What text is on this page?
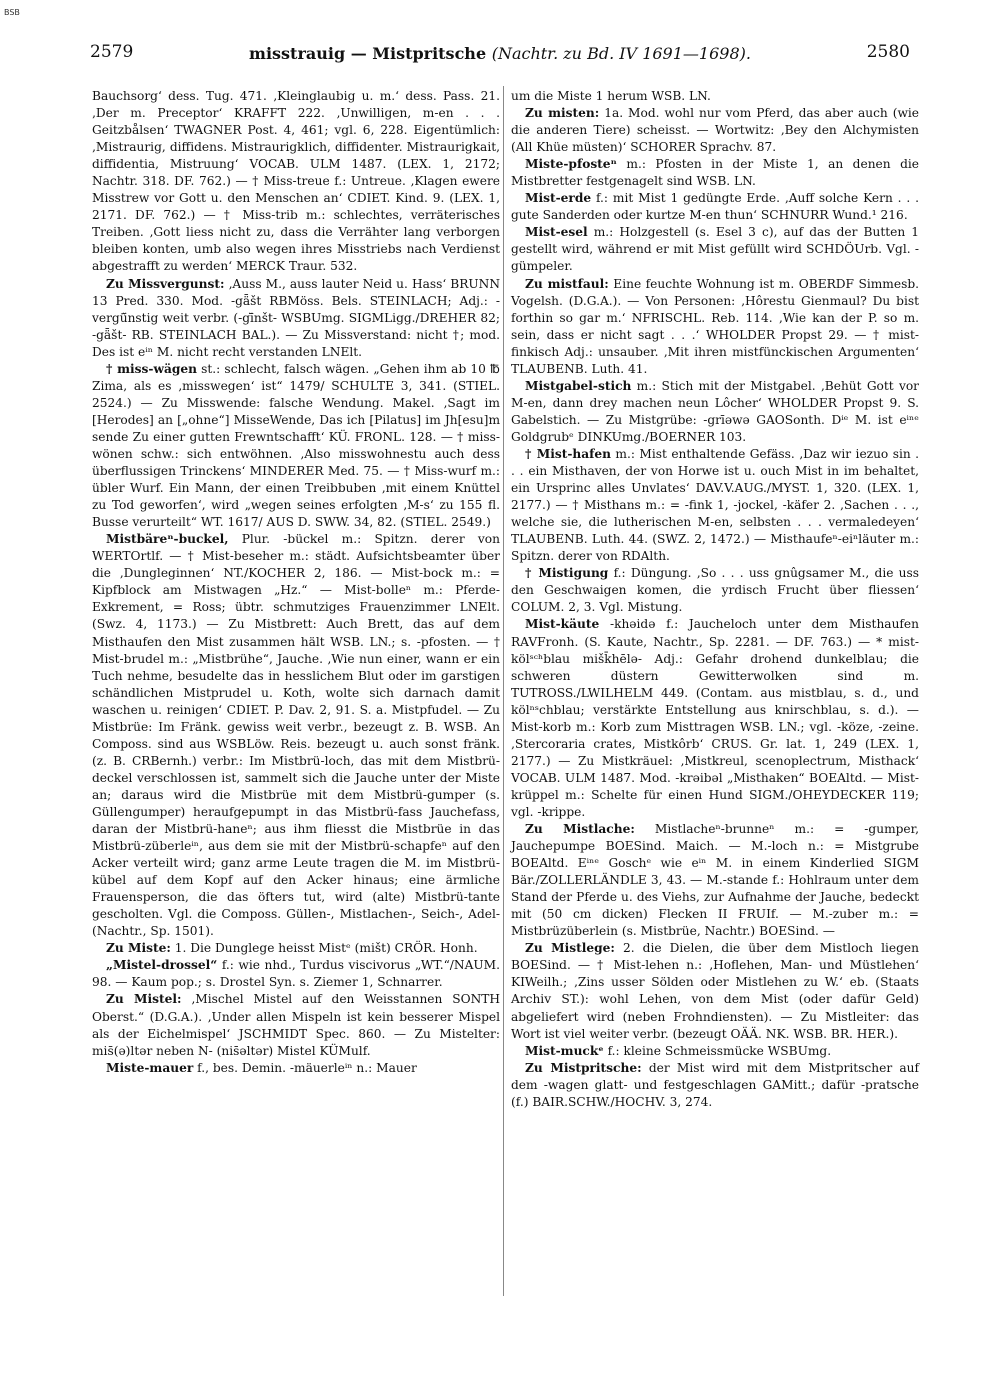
BSB
2579	misstrauig — Mistpritsche (Nachtr. zu Bd. IV 1691—1698).	2580

Bauchsorg‘ dess. Tug. 471. ‚Kleinglaubig u. m.‘ dess. Pass. 21. ‚Der m. Preceptor‘ KRAFFT 222. ‚Unwilligen, m-en . . . Geitzbålsen‘ TWAGNER Post. 4, 461; vgl. 6, 228. Eigentümlich: ‚Mistraurig, diffidens. Mistraurigklich, diffidenter. Mistraurigkait, diffidentia, Mistruung‘ VOCAB. ULM 1487. (LEX. 1, 2172; Nachtr. 318. DF. 762.) — † Miss-treue f.: Untreue. ‚Klagen ewere Misstrew vor Gott u. den Menschen an‘ CDIET. Kind. 9. (LEX. 1, 2171. DF. 762.) — † Miss-trib m.: schlechtes, verräterisches Treiben. ‚Gott liess nicht zu, dass die Verrähter lang verborgen bleiben konten, umb also wegen ihres Misstriebs nach Verdienst abgestrafft zu werden‘ MERCK Traur. 532.

Zu Missvergunst: ‚Auss M., auss lauter Neid u. Hass‘ BRUNN 13 Pred. 330. Mod. -gǟšt RBMöss. Bels. STEINLACH; Adj.: -vergü̈nstig weit verbr. (-gī̈nšt- WSBUmg. SIGMLigg./DREHER 82; -gǟšt- RB. STEINLACH BAL.). — Zu Missverstand: nicht †; mod. Des ist eⁱⁿ M. nicht recht verstanden LNElt.

† miss-wägen st.: schlecht, falsch wägen. „Gehen ihm ab 10 ℔ Zima, als es ‚misswegen‘ ist“ 1479/ SCHULTE 3, 341. (STIEL. 2524.) — Zu Misswende: falsche Wendung. Makel. ‚Sagt im [Herodes] an [„ohne“] MisseWende, Das ich [Pilatus] im Jh[esu]m sende Zu einer gutten Frewntschafft‘ KÜ. FRONL. 128. — † miss-wönen schw.: sich entwöhnen. ‚Also misswohnestu auch dess überflussigen Trinckens‘ MINDERER Med. 75. — † Miss-wurf m.: übler Wurf. Ein Mann, der einen Treibbuben ‚mit einem Knüttel zu Tod geworfen‘, wird „wegen seines erfolgten ‚M-s‘ zu 155 fl. Busse verurteilt“ WT. 1617/ AUS D. SWW. 34, 82. (STIEL. 2549.)

Mistbäreⁿ-buckel, Plur. -bückel m.: Spitzn. derer von WERTOrtlf. — † Mist-beseher m.: städt. Aufsichtsbeamter über die ‚Dungleginnen‘ NT./KOCHER 2, 186. — Mist-bock m.: = Kipfblock am Mistwagen „Hz.“ — Mist-bolleⁿ m.: Pferde-Exkrement, = Ross; übtr. schmutziges Frauenzimmer LNElt. (Swz. 4, 1173.) — Zu Mistbrett: Auch Brett, das auf dem Misthaufen den Mist zusammen hält WSB. LN.; s. -pfosten. — † Mist-brudel m.: „Mistbrühe“, Jauche. ‚Wie nun einer, wann er ein Tuch nehme, besudelte das in hesslichem Blut oder im garstigen schändlichen Mistprudel u. Koth, wolte sich darnach damit waschen u. reinigen‘ CDIET. P. Dav. 2, 91. S. a. Mistpfudel. — Zu Mistbrüe: Im Fränk. gewiss weit verbr., bezeugt z. B. WSB. An Composs. sind aus WSBLöw. Reis. bezeugt u. auch sonst fränk. (z. B. CRBernh.) verbr.: Im Mistbrü-loch, das mit dem Mistbrü-deckel verschlossen ist, sammelt sich die Jauche unter der Miste an; daraus wird die Mistbrüe mit dem Mistbrü-gumper (s. Güllengumper) heraufgepumpt in das Mistbrü-fass Jauchefass, daran der Mistbrü-haneⁿ; aus ihm fliesst die Mistbrüe in das Mistbrü-züberleⁱⁿ, aus dem sie mit der Mistbrü-schapfeⁿ auf den Acker verteilt wird; ganz arme Leute tragen die M. im Mistbrü-kübel auf dem Kopf auf den Acker hinaus; eine ärmliche Frauensperson, die das öfters tut, wird (alte) Mistbrü-tante gescholten. Vgl. die Composs. Güllen-, Mistlachen-, Seich-, Adel- (Nachtr., Sp. 1501).

Zu Miste: 1. Die Dunglege heisst Mistᵉ (mišt) CRÖR. Honh.

„Mistel-drossel“ f.: wie nhd., Turdus viscivorus „WT.“/NAUM. 98. — Kaum pop.; s. Drostel Syn. s. Ziemer 1, Schnarrer.

Zu Mistel: ‚Mischel Mistel auf den Weisstannen SONTH Oberst.“ (D.G.A.). ‚Under allen Mispeln ist kein besserer Mispel als der Eichelmispel‘ JSCHMIDT Spec. 860. — Zu Mistelter: mis̄(ə)ltər neben N- (nis̄əltər) Mistel KÜMulf.

Miste-mauer f., bes. Demin. -mäuerleⁱⁿ n.: Mauer

um die Miste 1 herum WSB. LN.

Zu misten: 1a. Mod. wohl nur vom Pferd, das aber auch (wie die anderen Tiere) scheisst. — Wortwitz: ‚Bey den Alchymisten (All Khüe müsten)‘ SCHORER Sprachv. 87.

Miste-pfosteⁿ m.: Pfosten in der Miste 1, an denen die Mistbretter festgenagelt sind WSB. LN.

Mist-erde f.: mit Mist 1 gedüngte Erde. ‚Auff solche Kern . . . gute Sanderden oder kurtze M-en thun‘ SCHNURR Wund.¹ 216.

Mist-esel m.: Holzgestell (s. Esel 3 c), auf das der Butten 1 gestellt wird, während er mit Mist gefüllt wird SCHDÖUrb. Vgl. -gümpeler.

Zu mistfaul: Eine feuchte Wohnung ist m. OBERDF Simmesb. Vogelsh. (D.G.A.). — Von Personen: ‚Hôrestu Gienmaul? Du bist forthin so gar m.‘ NFRISCHL. Reb. 114. ‚Wie kan der P. so m. sein, dass er nicht sagt . . .‘ WHOLDER Propst 29. — † mist-finkisch Adj.: unsauber. ‚Mit ihren mistfünckischen Argumenten‘ TLAUBENB. Luth. 41.

Mistgabel-stich m.: Stich mit der Mistgabel. ‚Behüt Gott vor M-en, dann drey machen neun Lôcher‘ WHOLDER Propst 9. S. Gabelstich. — Zu Mistgrübe: -grīəwə GAOSonth. Dⁱᵉ M. ist eⁱⁿᵉ Goldgrubᵉ DINKUmg./BOERNER 103.

† Mist-hafen m.: Mist enthaltende Gefäss. ‚Daz wir iezuo sin . . . ein Misthaven, der von Horwe ist u. ouch Mist in im behaltet, ein Ursprinc alles Unvlates‘ DAV.V.AUG./MYST. 1, 320. (LEX. 1, 2177.) — † Misthans m.: = -fink 1, -jockel, -käfer 2. ‚Sachen . . ., welche sie, die lutherischen M-en, selbsten . . . vermaledeyen‘ TLAUBENB. Luth. 44. (SWZ. 2, 1472.) — Misthaufeⁿ-eiⁿläuter m.: Spitzn. derer von RDAlth.

† Mistigung f.: Düngung. ‚So . . . uss gnûgsamer M., die uss den Geschwaigen komen, die yrdisch Frucht über fliessen‘ COLUM. 2, 3. Vgl. Mistung.

Mist-käute -khəidə f.: Jaucheloch unter dem Misthaufen RAVFronh. (S. Kaute, Nachtr., Sp. 2281. — DF. 763.) — * mist-kölˢᶜʰblau mišk̄hēlə- Adj.: Gefahr drohend dunkelblau; die schweren düstern Gewitterwolken sind m. TUTROSS./LWILHELM 449. (Contam. aus mistblau, s. d., und kölⁿˢchblau; verstärkte Entstellung aus knirschblau, s. d.). — Mist-korb m.: Korb zum Misttragen WSB. LN.; vgl. -köze, -zeine. ‚Stercoraria crates, Mistkôrb‘ CRUS. Gr. lat. 1, 249 (LEX. 1, 2177.) — Zu Mistkräuel: ‚Mistkreul, scenoplectrum, Misthack‘ VOCAB. ULM 1487. Mod. -krəibəl „Misthaken“ BOEAltd. — Mist-krüppel m.: Schelte für einen Hund SIGM./OHEYDECKER 119; vgl. -krippe.

Zu Mistlache: Mistlacheⁿ-brunneⁿ m.: = -gumper, Jauchepumpe BOESind. Maich. — M.-loch n.: = Mistgrube BOEAltd. Eⁱⁿᵉ Goschᵉ wie eⁱⁿ M. in einem Kinderlied SIGM Bär./ZOLLERLÄNDLE 3, 43. — M.-stande f.: Hohlraum unter dem Stand der Pferde u. des Viehs, zur Aufnahme der Jauche, bedeckt mit (50 cm dicken) Flecken II FRUIf. — M.-zuber m.: = Mistbrüzüberlein (s. Mistbrüe, Nachtr.) BOESind. —

Zu Mistlege: 2. die Dielen, die über dem Mistloch liegen BOESind. — † Mist-lehen n.: ‚Hoflehen, Man- und Müstlehen‘ KIWeilh.; ‚Zins usser Sölden oder Mistlehen zu W.‘ eb. (Staats Archiv ST.): wohl Lehen, von dem Mist (oder dafür Geld) abgeliefert wird (neben Frohndiensten). — Zu Mistleiter: das Wort ist viel weiter verbr. (bezeugt OÄÄ. NK. WSB. BR. HER.).

Mist-muckᵉ f.: kleine Schmeissmücke WSBUmg.

Zu Mistpritsche: der Mist wird mit dem Mistpritscher auf dem -wagen glatt- und festgeschlagen GAMitt.; dafür -pratsche (f.) BAIR.SCHW./HOCHV. 3, 274.
